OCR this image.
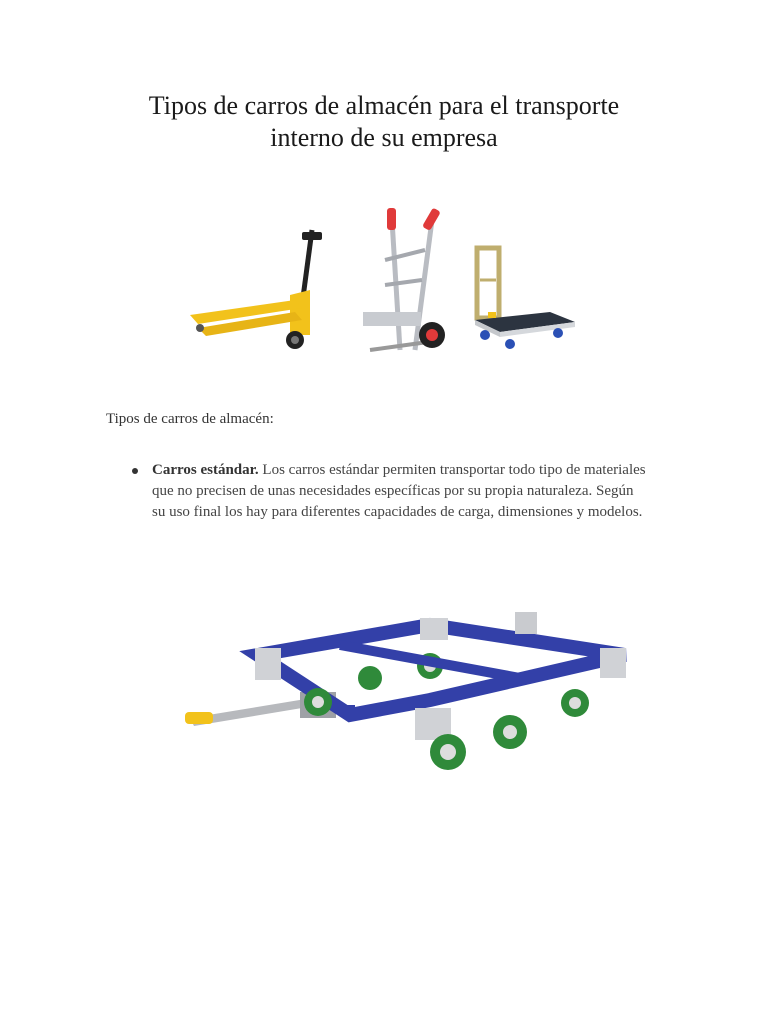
Tipos de carros de almacén para el transporte
interno de su empresa
Tipos de carros de almacén:
Carros estándar. Los carros estándar permiten transportar todo tipo de materiales que no precisen de unas necesidades específicas por su propia naturaleza. Según su uso final los hay para diferentes capacidades de carga, dimensiones y modelos.
